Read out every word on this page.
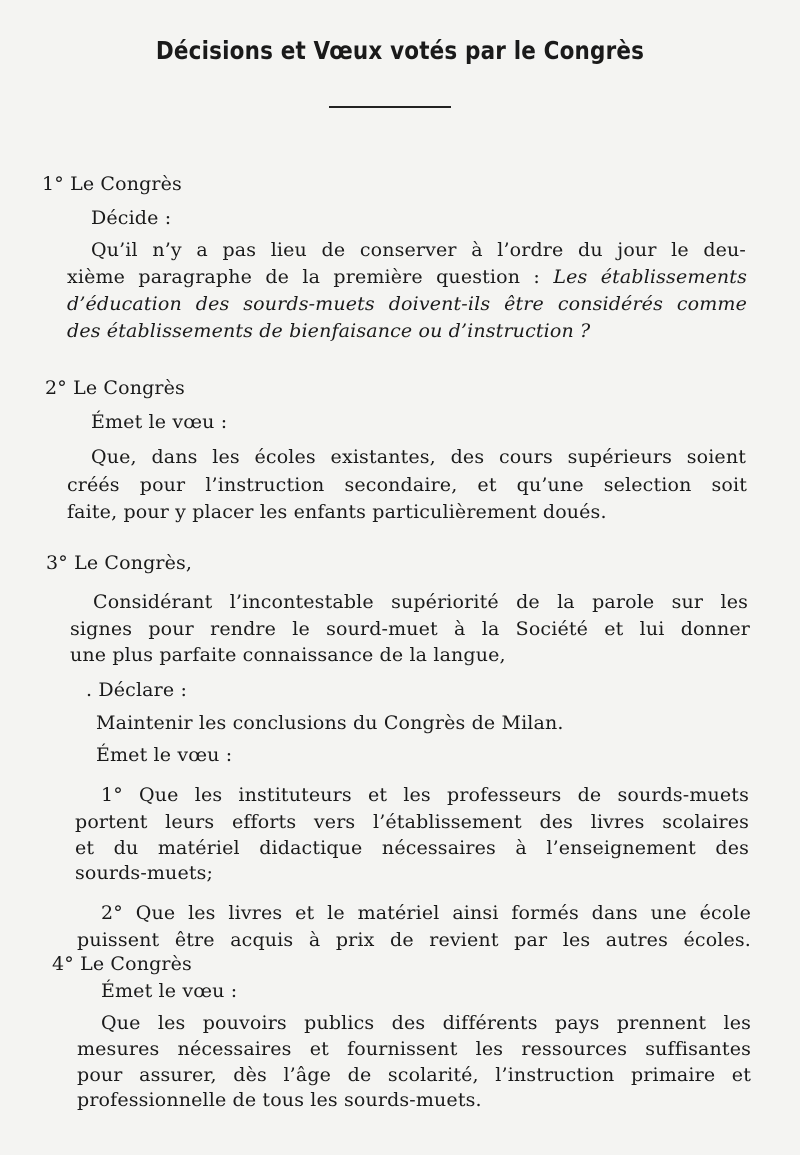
Décisions et Vœux votés par le Congrès
1° Le Congrès
Décide :
Qu’il n’y a pas lieu de conserver à l’ordre du jour le deu-
xième paragraphe de la première question : Les établissements
d’éducation des sourds-muets doivent-ils être considérés comme
des établissements de bienfaisance ou d’instruction ?
2° Le Congrès
Émet le vœu :
Que, dans les écoles existantes, des cours supérieurs soient
créés pour l’instruction secondaire, et qu’une selection soit
faite, pour y placer les enfants particulièrement doués.
3° Le Congrès,
Considérant l’incontestable supériorité de la parole sur les
signes pour rendre le sourd-muet à la Société et lui donner
une plus parfaite connaissance de la langue,
. Déclare :
Maintenir les conclusions du Congrès de Milan.
Émet le vœu :
1° Que les instituteurs et les professeurs de sourds-muets
portent leurs efforts vers l’établissement des livres scolaires
et du matériel didactique nécessaires à l’enseignement des
sourds-muets;
2° Que les livres et le matériel ainsi formés dans une école
puissent être acquis à prix de revient par les autres écoles.
4° Le Congrès
Émet le vœu :
Que les pouvoirs publics des différents pays prennent les
mesures nécessaires et fournissent les ressources suffisantes
pour assurer, dès l’âge de scolarité, l’instruction primaire et
professionnelle de tous les sourds-muets.
